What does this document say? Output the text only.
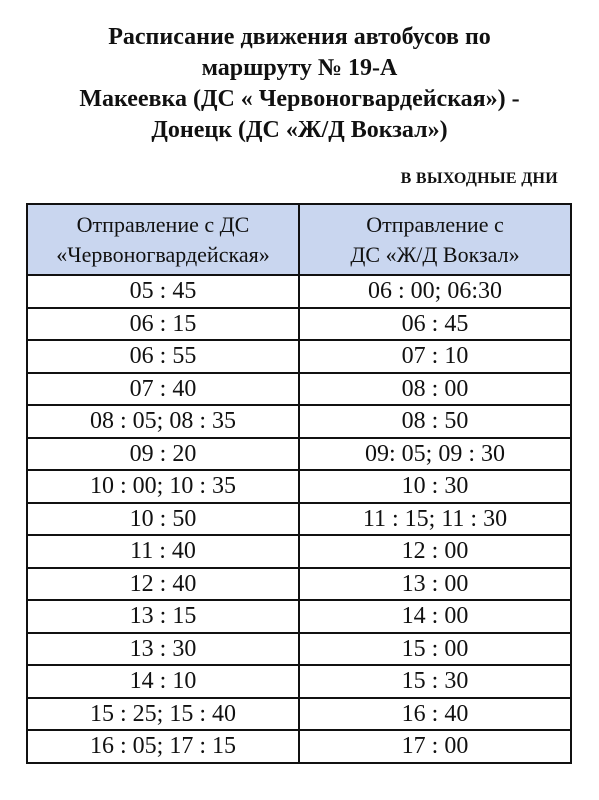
Расписание движения автобусов по
маршруту № 19-А
Макеевка (ДС « Червоногвардейская») -
Донецк (ДС «Ж/Д Вокзал»)
В ВЫХОДНЫЕ ДНИ
Отправление с ДС
«Червоногвардейская»	Отправление с
ДС «Ж/Д Вокзал»

05 : 45	06 : 00; 06:30
06 : 15	06 : 45
06 : 55	07 : 10
07 : 40	08 : 00
08 : 05; 08 : 35	08 : 50
09 : 20	09: 05; 09 : 30
10 : 00; 10 : 35	10 : 30
10 : 50	11 : 15; 11 : 30
11 : 40	12 : 00
12 : 40	13 : 00
13 : 15	14 : 00
13 : 30	15 : 00
14 : 10	15 : 30
15 : 25; 15 : 40	16 : 40
16 : 05; 17 : 15	17 : 00
